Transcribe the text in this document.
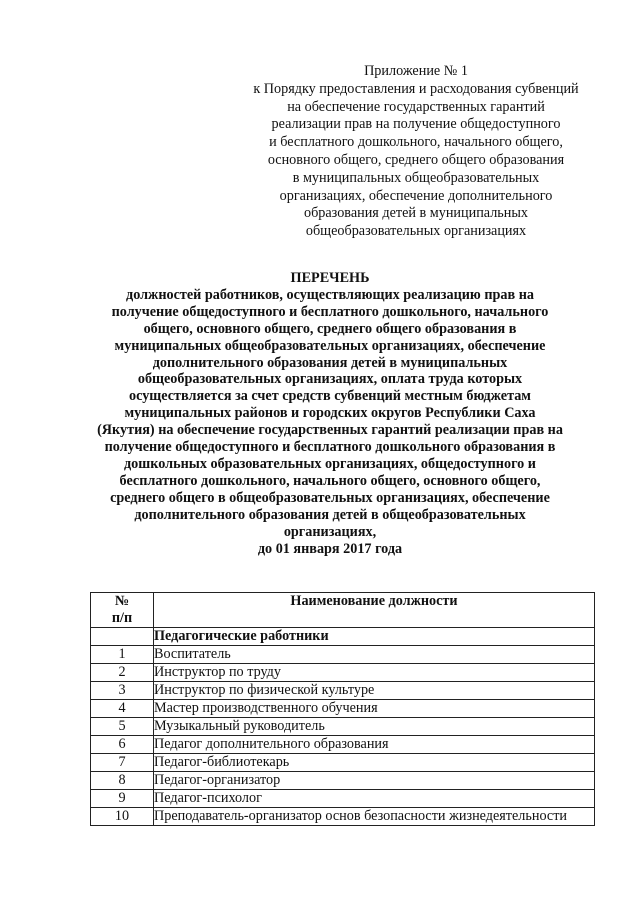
Приложение № 1
к Порядку предоставления и расходования субвенций
на обеспечение государственных гарантий
реализации прав на получение общедоступного
и бесплатного дошкольного, начального общего,
основного общего, среднего общего образования
в муниципальных общеобразовательных
организациях, обеспечение дополнительного
образования детей в муниципальных
общеобразовательных организациях
ПЕРЕЧЕНЬ
должностей работников, осуществляющих реализацию прав на
получение общедоступного и бесплатного дошкольного, начального
общего, основного общего, среднего общего образования в
муниципальных общеобразовательных организациях, обеспечение
дополнительного образования детей в муниципальных
общеобразовательных организациях, оплата труда которых
осуществляется за счет средств субвенций местным бюджетам
муниципальных районов и городских округов Республики Саха
(Якутия) на обеспечение государственных гарантий реализации прав на
получение общедоступного и бесплатного дошкольного образования в
дошкольных образовательных организациях, общедоступного и
бесплатного дошкольного, начального общего, основного общего,
среднего общего в общеобразовательных организациях, обеспечение
дополнительного образования детей в общеобразовательных
организациях,
до 01 января 2017 года
№
п/п	Наименование должности
	Педагогические работники
1	Воспитатель
2	Инструктор по труду
3	Инструктор по физической культуре
4	Мастер производственного обучения
5	Музыкальный руководитель
6	Педагог дополнительного образования
7	Педагог-библиотекарь
8	Педагог-организатор
9	Педагог-психолог
10	Преподаватель-организатор основ безопасности жизнедеятельности
